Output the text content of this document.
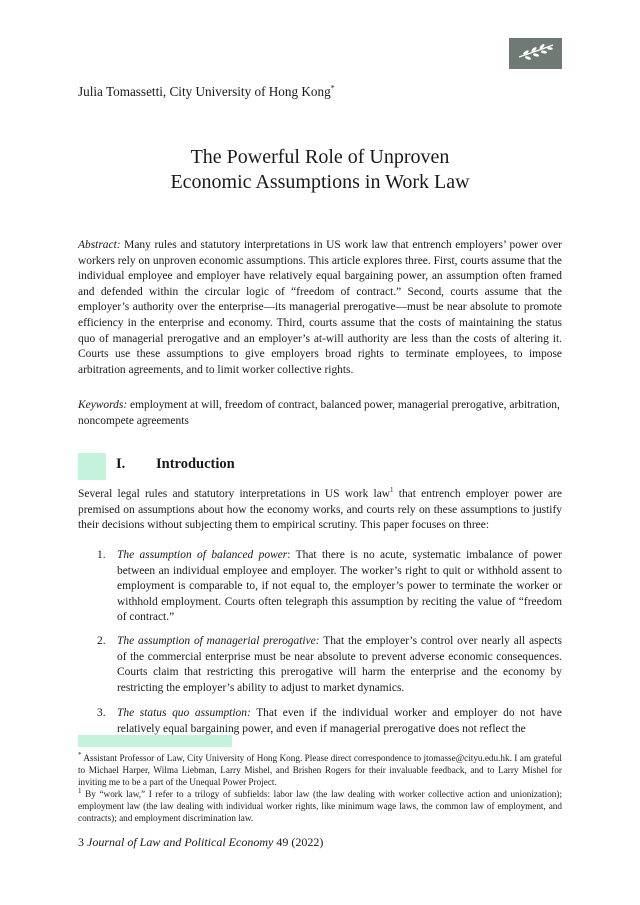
Julia Tomassetti, City University of Hong Kong*
The Powerful Role of Unproven
Economic Assumptions in Work Law

Abstract: Many rules and statutory interpretations in US work law that entrench employers’ power over workers rely on unproven economic assumptions. This article explores three. First, courts assume that the individual employee and employer have relatively equal bargaining power, an assumption often framed and defended within the circular logic of “freedom of contract.” Second, courts assume that the employer’s authority over the enterprise—its managerial prerogative—must be near absolute to promote efficiency in the enterprise and economy. Third, courts assume that the costs of maintaining the status quo of managerial prerogative and an employer’s at-will authority are less than the costs of altering it. Courts use these assumptions to give employers broad rights to terminate employees, to impose arbitration agreements, and to limit worker collective rights.

Keywords: employment at will, freedom of contract, balanced power, managerial prerogative, arbitration, noncompete agreements

I.	Introduction

Several legal rules and statutory interpretations in US work law$^1$ that entrench employer power are premised on assumptions about how the economy works, and courts rely on these assumptions to justify their decisions without subjecting them to empirical scrutiny. This paper focuses on three:

1. The assumption of balanced power: That there is no acute, systematic imbalance of power between an individual employee and employer. The worker’s right to quit or withhold assent to employment is comparable to, if not equal to, the employer’s power to terminate the worker or withhold employment. Courts often telegraph this assumption by reciting the value of “freedom of contract.”
2. The assumption of managerial prerogative: That the employer’s control over nearly all aspects of the commercial enterprise must be near absolute to prevent adverse economic consequences. Courts claim that restricting this prerogative will harm the enterprise and the economy by restricting the employer’s ability to adjust to market dynamics.
3. The status quo assumption: That even if the individual worker and employer do not have relatively equal bargaining power, and even if managerial prerogative does not reflect the

* Assistant Professor of Law, City University of Hong Kong. Please direct correspondence to jtomasse@cityu.edu.hk. I am grateful to Michael Harper, Wilma Liebman, Larry Mishel, and Brishen Rogers for their invaluable feedback, and to Larry Mishel for inviting me to be a part of the Unequal Power Project.

$^1$ By “work law,” I refer to a trilogy of subfields: labor law (the law dealing with worker collective action and unionization); employment law (the law dealing with individual worker rights, like minimum wage laws, the common law of employment, and contracts); and employment discrimination law.

3 Journal of Law and Political Economy 49 (2022)
